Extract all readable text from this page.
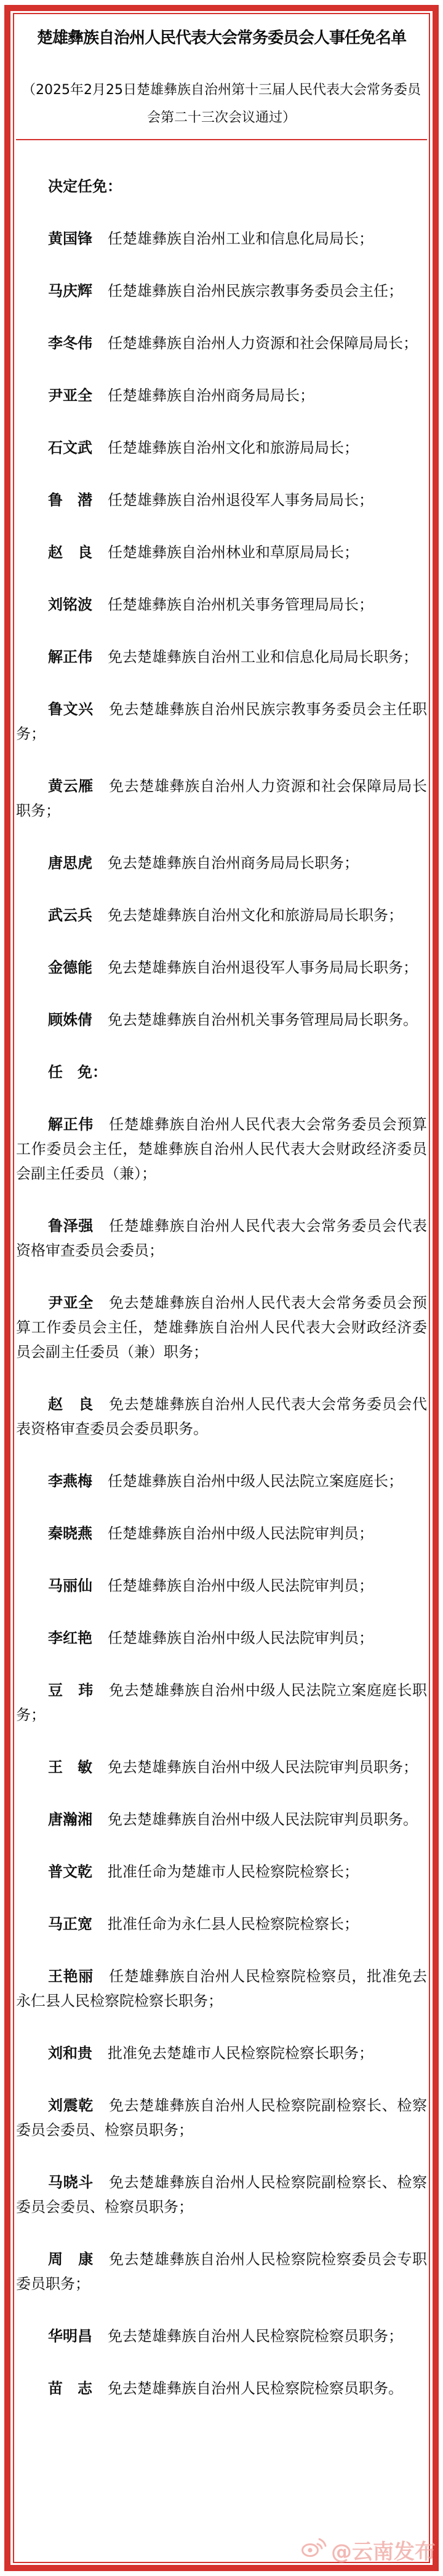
楚雄彝族自治州人民代表大会常务委员会人事任免名单
（2025年2月25日楚雄彝族自治州第十三届人民代表大会常务委员
会第二十三次会议通过）

决定任免：

黄国锋 任楚雄彝族自治州工业和信息化局局长；

马庆辉 任楚雄彝族自治州民族宗教事务委员会主任；

李冬伟 任楚雄彝族自治州人力资源和社会保障局局长；

尹亚全 任楚雄彝族自治州商务局局长；

石文武 任楚雄彝族自治州文化和旅游局局长；

鲁　潜 任楚雄彝族自治州退役军人事务局局长；

赵　良 任楚雄彝族自治州林业和草原局局长；

刘铭波 任楚雄彝族自治州机关事务管理局局长；

解正伟 免去楚雄彝族自治州工业和信息化局局长职务；

鲁文兴 免去楚雄彝族自治州民族宗教事务委员会主任职务；

黄云雁 免去楚雄彝族自治州人力资源和社会保障局局长职务；

唐思虎 免去楚雄彝族自治州商务局局长职务；

武云兵 免去楚雄彝族自治州文化和旅游局局长职务；

金德能 免去楚雄彝族自治州退役军人事务局局长职务；

顾姝倩 免去楚雄彝族自治州机关事务管理局局长职务。

任　免：

解正伟 任楚雄彝族自治州人民代表大会常务委员会预算工作委员会主任，楚雄彝族自治州人民代表大会财政经济委员会副主任委员（兼）；

鲁泽强 任楚雄彝族自治州人民代表大会常务委员会代表资格审查委员会委员；

尹亚全 免去楚雄彝族自治州人民代表大会常务委员会预算工作委员会主任，楚雄彝族自治州人民代表大会财政经济委员会副主任委员（兼）职务；

赵　良 免去楚雄彝族自治州人民代表大会常务委员会代表资格审查委员会委员职务。

李燕梅 任楚雄彝族自治州中级人民法院立案庭庭长；

秦晓燕 任楚雄彝族自治州中级人民法院审判员；

马丽仙 任楚雄彝族自治州中级人民法院审判员；

李红艳 任楚雄彝族自治州中级人民法院审判员；

豆　玮 免去楚雄彝族自治州中级人民法院立案庭庭长职务；

王　敏 免去楚雄彝族自治州中级人民法院审判员职务；

唐瀚湘 免去楚雄彝族自治州中级人民法院审判员职务。

普文乾 批准任命为楚雄市人民检察院检察长；

马正宽 批准任命为永仁县人民检察院检察长；

王艳丽 任楚雄彝族自治州人民检察院检察员，批准免去永仁县人民检察院检察长职务；

刘和贵 批准免去楚雄市人民检察院检察长职务；

刘震乾 免去楚雄彝族自治州人民检察院副检察长、检察委员会委员、检察员职务；

马晓斗 免去楚雄彝族自治州人民检察院副检察长、检察委员会委员、检察员职务；

周　康 免去楚雄彝族自治州人民检察院检察委员会专职委员职务；

华明昌 免去楚雄彝族自治州人民检察院检察员职务；

苗　志 免去楚雄彝族自治州人民检察院检察员职务。

@云南发布
